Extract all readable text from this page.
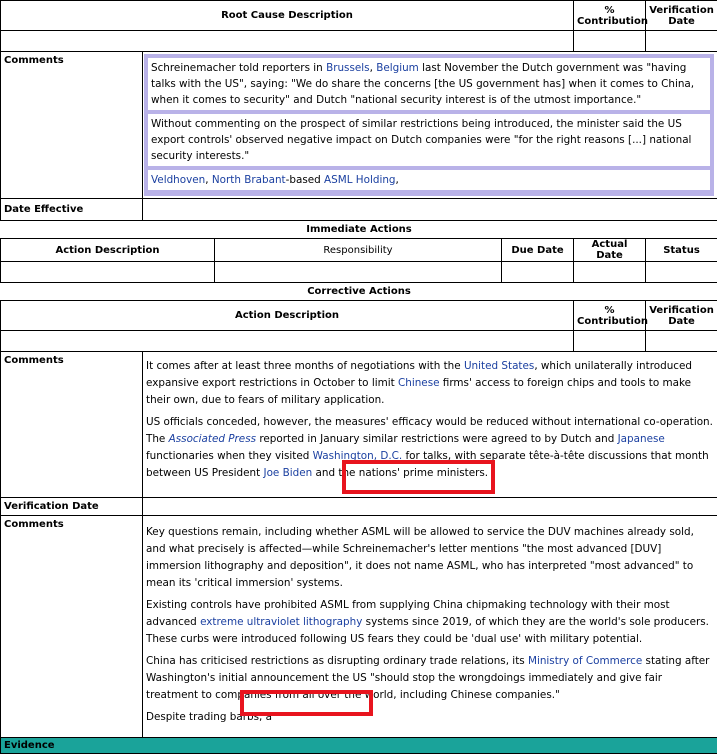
Root Cause Description				% Contribution	Verification Date

Comments	Schreinemacher told reporters in Brussels, Belgium last November the Dutch government was "having talks with the US", saying: "We do share the concerns [the US government has] when it comes to China, when it comes to security" and Dutch "national security interest is of the utmost importance."
Without commenting on the prospect of similar restrictions being introduced, the minister said the US export controls' observed negative impact on Dutch companies were "for the right reasons [...] national security interests."
Veldhoven, North Brabant-based ASML Holding,				

Date Effective					
Immediate Actions					
Action Description		Responsibility	Due Date	Actual Date	Status

Corrective Actions					
Action Description				% Contribution	Verification Date

Comments	It comes after at least three months of negotiations with the United States, which unilaterally introduced expansive export restrictions in October to limit Chinese firms' access to foreign chips and tools to make their own, due to fears of military application.
US officials conceded, however, the measures' efficacy would be reduced without international co-operation.
The Associated Press reported in January similar restrictions were agreed to by Dutch and Japanese functionaries when they visited Washington, D.C. for talks, with separate tête-à-tête discussions that month between US President Joe Biden and the nations' prime ministers.				

Verification Date					
Comments	Key questions remain, including whether ASML will be allowed to service the DUV machines already sold, and what precisely is affected—while Schreinemacher's letter mentions "the most advanced [DUV] immersion lithography and deposition", it does not name ASML, who has interpreted "most advanced" to mean its 'critical immersion' systems.
Existing controls have prohibited ASML from supplying China chipmaking technology with their most advanced extreme ultraviolet lithography systems since 2019, of which they are the world's sole producers. These curbs were introduced following US fears they could be 'dual use' with military potential.
China has criticised restrictions as disrupting ordinary trade relations, its Ministry of Commerce stating after Washington's initial announcement the US "should stop the wrongdoings immediately and give fair treatment to companies from all over the world, including Chinese companies."
Despite trading barbs, a				

Evidence					
